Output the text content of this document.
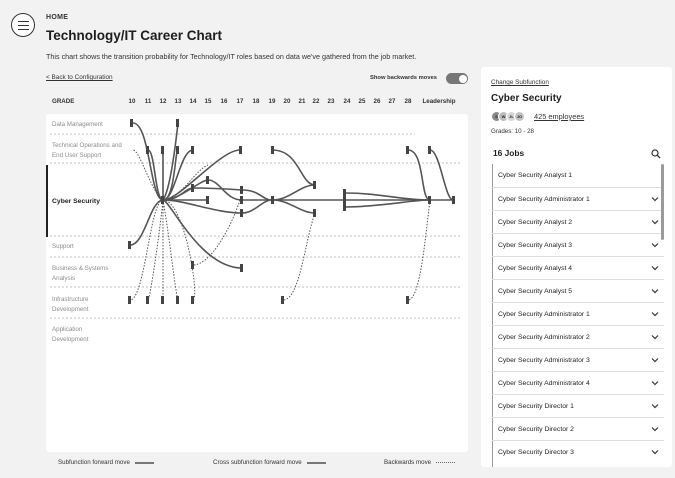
HOME
Technology/IT Career Chart
This chart shows the transition probability for Technology/IT roles based on data we've gathered from the job market.
< Back to Configuration	Show backwards moves
GRADE	10 11 12 13 14 15 16 17 18 19 20 21 22 23 24 25 26 27 28 Leadership
Data Management
Technical Operations and End User Support
Cyber Security
Support
Business & Systems Analysis
Infrastructure Development
Application Development
Subfunction forward move	Cross subfunction forward move	Backwards move
Change Subfunction
Cyber Security
S W JL JO	425 employees
Grades: 10 - 28
16 Jobs
Cyber Security Analyst 1
Cyber Security Administrator 1
Cyber Security Analyst 2
Cyber Security Analyst 3
Cyber Security Analyst 4
Cyber Security Analyst 5
Cyber Security Administrator 1
Cyber Security Administrator 2
Cyber Security Administrator 3
Cyber Security Administrator 4
Cyber Security Director 1
Cyber Security Director 2
Cyber Security Director 3
